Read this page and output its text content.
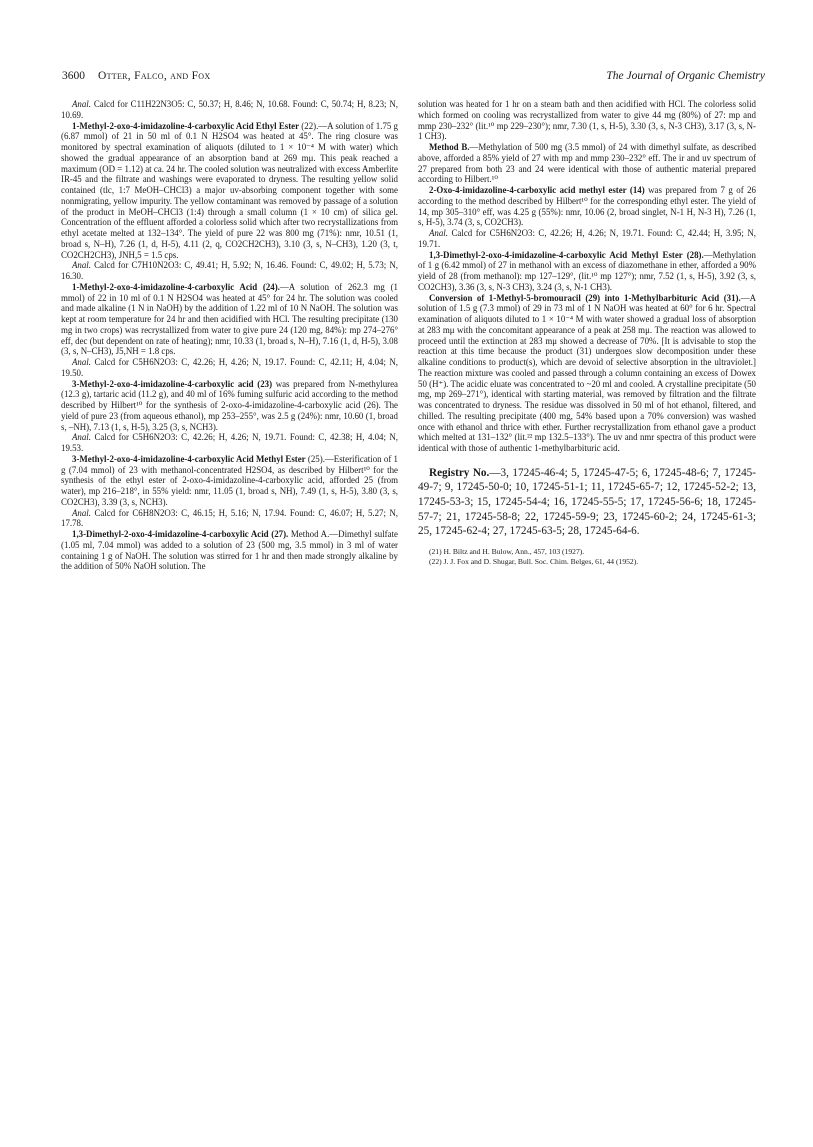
3600 Otter, Falco, and Fox	The Journal of Organic Chemistry

Anal. Calcd for C11H22N3O5: C, 50.37; H, 8.46; N, 10.68. Found: C, 50.74; H, 8.23; N, 10.69.

1-Methyl-2-oxo-4-imidazoline-4-carboxylic Acid Ethyl Ester (22).—A solution of 1.75 g (6.87 mmol) of 21 in 50 ml of 0.1 N H2SO4 was heated at 45°. The ring closure was monitored by spectral examination of aliquots (diluted to 1 × 10⁻⁴ M with water) which showed the gradual appearance of an absorption band at 269 mμ. This peak reached a maximum (OD = 1.12) at ca. 24 hr. The cooled solution was neutralized with excess Amberlite IR-45 and the filtrate and washings were evaporated to dryness. The resulting yellow solid contained (tlc, 1:7 MeOH–CHCl3) a major uv-absorbing component together with some nonmigrating, yellow impurity. The yellow contaminant was removed by passage of a solution of the product in MeOH–CHCl3 (1:4) through a small column (1 × 10 cm) of silica gel. Concentration of the effluent afforded a colorless solid which after two recrystallizations from ethyl acetate melted at 132–134°. The yield of pure 22 was 800 mg (71%): nmr, 10.51 (1, broad s, N–H), 7.26 (1, d, H-5), 4.11 (2, q, CO2CH2CH3), 3.10 (3, s, N–CH3), 1.20 (3, t, CO2CH2CH3), JNH,5 = 1.5 cps.

Anal. Calcd for C7H10N2O3: C, 49.41; H, 5.92; N, 16.46. Found: C, 49.02; H, 5.73; N, 16.30.

1-Methyl-2-oxo-4-imidazoline-4-carboxylic Acid (24).—A solution of 262.3 mg (1 mmol) of 22 in 10 ml of 0.1 N H2SO4 was heated at 45° for 24 hr. The solution was cooled and made alkaline (1 N in NaOH) by the addition of 1.22 ml of 10 N NaOH. The solution was kept at room temperature for 24 hr and then acidified with HCl. The resulting precipitate (130 mg in two crops) was recrystallized from water to give pure 24 (120 mg, 84%): mp 274–276° eff, dec (but dependent on rate of heating); nmr, 10.33 (1, broad s, N–H), 7.16 (1, d, H-5), 3.08 (3, s, N–CH3), J5,NH = 1.8 cps.

Anal. Calcd for C5H6N2O3: C, 42.26; H, 4.26; N, 19.17. Found: C, 42.11; H, 4.04; N, 19.50.

3-Methyl-2-oxo-4-imidazoline-4-carboxylic acid (23) was prepared from N-methylurea (12.3 g), tartaric acid (11.2 g), and 40 ml of 16% fuming sulfuric acid according to the method described by Hilbert¹⁰ for the synthesis of 2-oxo-4-imidazoline-4-carboxylic acid (26). The yield of pure 23 (from aqueous ethanol), mp 253–255°, was 2.5 g (24%): nmr, 10.60 (1, broad s, –NH), 7.13 (1, s, H-5), 3.25 (3, s, NCH3).

Anal. Calcd for C5H6N2O3: C, 42.26; H, 4.26; N, 19.71. Found: C, 42.38; H, 4.04; N, 19.53.

3-Methyl-2-oxo-4-imidazoline-4-carboxylic Acid Methyl Ester (25).—Esterification of 1 g (7.04 mmol) of 23 with methanol-concentrated H2SO4, as described by Hilbert¹⁰ for the synthesis of the ethyl ester of 2-oxo-4-imidazoline-4-carboxylic acid, afforded 25 (from water), mp 216–218°, in 55% yield: nmr, 11.05 (1, broad s, NH), 7.49 (1, s, H-5), 3.80 (3, s, CO2CH3), 3.39 (3, s, NCH3).

Anal. Calcd for C6H8N2O3: C, 46.15; H, 5.16; N, 17.94. Found: C, 46.07; H, 5.27; N, 17.78.

1,3-Dimethyl-2-oxo-4-imidazoline-4-carboxylic Acid (27). Method A.—Dimethyl sulfate (1.05 ml, 7.04 mmol) was added to a solution of 23 (500 mg, 3.5 mmol) in 3 ml of water containing 1 g of NaOH. The solution was stirred for 1 hr and then made strongly alkaline by the addition of 50% NaOH solution. The

solution was heated for 1 hr on a steam bath and then acidified with HCl. The colorless solid which formed on cooling was recrystallized from water to give 44 mg (80%) of 27: mp and mmp 230–232° (lit.¹⁰ mp 229–230°); nmr, 7.30 (1, s, H-5), 3.30 (3, s, N-3 CH3), 3.17 (3, s, N-1 CH3).

Method B.—Methylation of 500 mg (3.5 mmol) of 24 with dimethyl sulfate, as described above, afforded a 85% yield of 27 with mp and mmp 230–232° eff. The ir and uv spectrum of 27 prepared from both 23 and 24 were identical with those of authentic material prepared according to Hilbert.¹⁰

2-Oxo-4-imidazoline-4-carboxylic acid methyl ester (14) was prepared from 7 g of 26 according to the method described by Hilbert¹⁰ for the corresponding ethyl ester. The yield of 14, mp 305–310° eff, was 4.25 g (55%): nmr, 10.06 (2, broad singlet, N-1 H, N-3 H), 7.26 (1, s, H-5), 3.74 (3, s, CO2CH3).

Anal. Calcd for C5H6N2O3: C, 42.26; H, 4.26; N, 19.71. Found: C, 42.44; H, 3.95; N, 19.71.

1,3-Dimethyl-2-oxo-4-imidazoline-4-carboxylic Acid Methyl Ester (28).—Methylation of 1 g (6.42 mmol) of 27 in methanol with an excess of diazomethane in ether, afforded a 90% yield of 28 (from methanol): mp 127–129°, (lit.¹⁰ mp 127°); nmr, 7.52 (1, s, H-5), 3.92 (3, s, CO2CH3), 3.36 (3, s, N-3 CH3), 3.24 (3, s, N-1 CH3).

Conversion of 1-Methyl-5-bromouracil (29) into 1-Methylbarbituric Acid (31).—A solution of 1.5 g (7.3 mmol) of 29 in 73 ml of 1 N NaOH was heated at 60° for 6 hr. Spectral examination of aliquots diluted to 1 × 10⁻⁴ M with water showed a gradual loss of absorption at 283 mμ with the concomitant appearance of a peak at 258 mμ. The reaction was allowed to proceed until the extinction at 283 mμ showed a decrease of 70%. [It is advisable to stop the reaction at this time because the product (31) undergoes slow decomposition under these alkaline conditions to product(s), which are devoid of selective absorption in the ultraviolet.] The reaction mixture was cooled and passed through a column containing an excess of Dowex 50 (H⁺). The acidic eluate was concentrated to ~20 ml and cooled. A crystalline precipitate (50 mg, mp 269–271°), identical with starting material, was removed by filtration and the filtrate was concentrated to dryness. The residue was dissolved in 50 ml of hot ethanol, filtered, and chilled. The resulting precipitate (400 mg, 54% based upon a 70% conversion) was washed once with ethanol and thrice with ether. Further recrystallization from ethanol gave a product which melted at 131–132° (lit.²² mp 132.5–133°). The uv and nmr spectra of this product were identical with those of authentic 1-methylbarbituric acid.

Registry No.—3, 17245-46-4; 5, 17245-47-5; 6, 17245-48-6; 7, 17245-49-7; 9, 17245-50-0; 10, 17245-51-1; 11, 17245-65-7; 12, 17245-52-2; 13, 17245-53-3; 15, 17245-54-4; 16, 17245-55-5; 17, 17245-56-6; 18, 17245-57-7; 21, 17245-58-8; 22, 17245-59-9; 23, 17245-60-2; 24, 17245-61-3; 25, 17245-62-4; 27, 17245-63-5; 28, 17245-64-6.

(21) H. Biltz and H. Bulow, Ann., 457, 103 (1927).
(22) J. J. Fox and D. Shugar, Bull. Soc. Chim. Belges, 61, 44 (1952).
